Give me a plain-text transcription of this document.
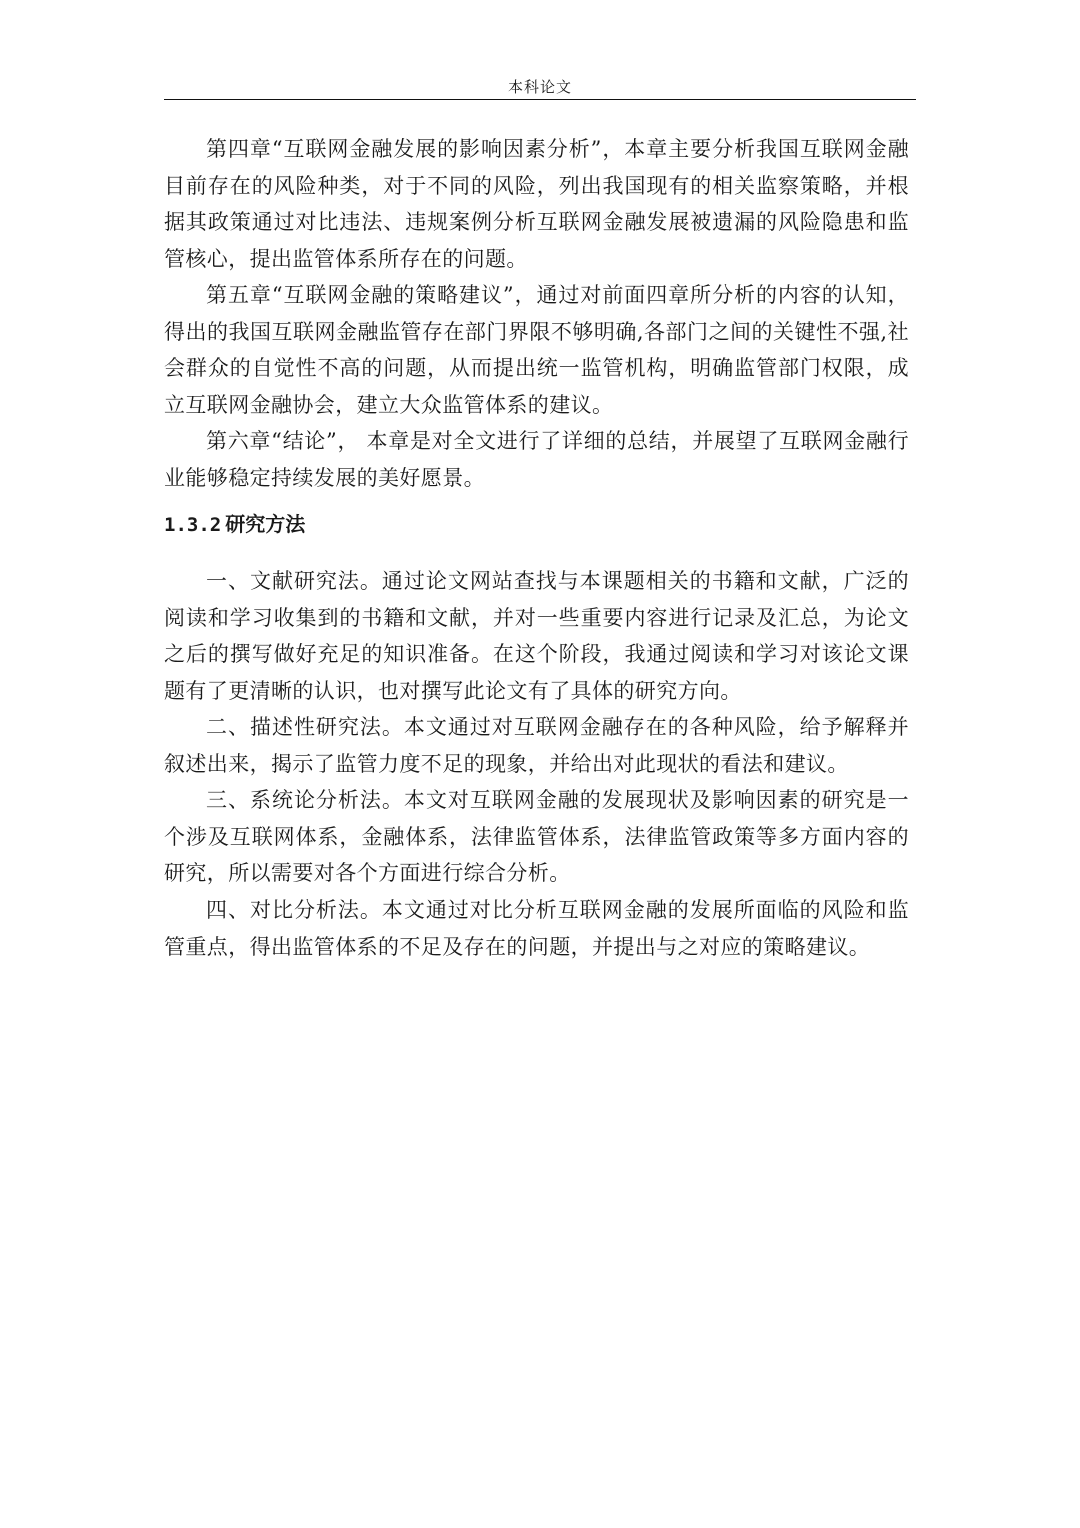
本科论文

第四章“互联网金融发展的影响因素分析”，本章主要分析我国互联网金融目前存在的风险种类，对于不同的风险，列出我国现有的相关监察策略，并根据其政策通过对比违法、违规案例分析互联网金融发展被遗漏的风险隐患和监管核心，提出监管体系所存在的问题。

第五章“互联网金融的策略建议”，通过对前面四章所分析的内容的认知，得出的我国互联网金融监管存在部门界限不够明确,各部门之间的关键性不强,社会群众的自觉性不高的问题，从而提出统一监管机构，明确监管部门权限，成立互联网金融协会，建立大众监管体系的建议。

第六章“结论”， 本章是对全文进行了详细的总结，并展望了互联网金融行业能够稳定持续发展的美好愿景。

1.3.2 研究方法

一、文献研究法。通过论文网站查找与本课题相关的书籍和文献，广泛的阅读和学习收集到的书籍和文献，并对一些重要内容进行记录及汇总，为论文之后的撰写做好充足的知识准备。在这个阶段，我通过阅读和学习对该论文课题有了更清晰的认识，也对撰写此论文有了具体的研究方向。

二、描述性研究法。本文通过对互联网金融存在的各种风险，给予解释并叙述出来，揭示了监管力度不足的现象，并给出对此现状的看法和建议。

三、系统论分析法。本文对互联网金融的发展现状及影响因素的研究是一个涉及互联网体系，金融体系，法律监管体系，法律监管政策等多方面内容的研究，所以需要对各个方面进行综合分析。

四、对比分析法。本文通过对比分析互联网金融的发展所面临的风险和监管重点，得出监管体系的不足及存在的问题，并提出与之对应的策略建议。
